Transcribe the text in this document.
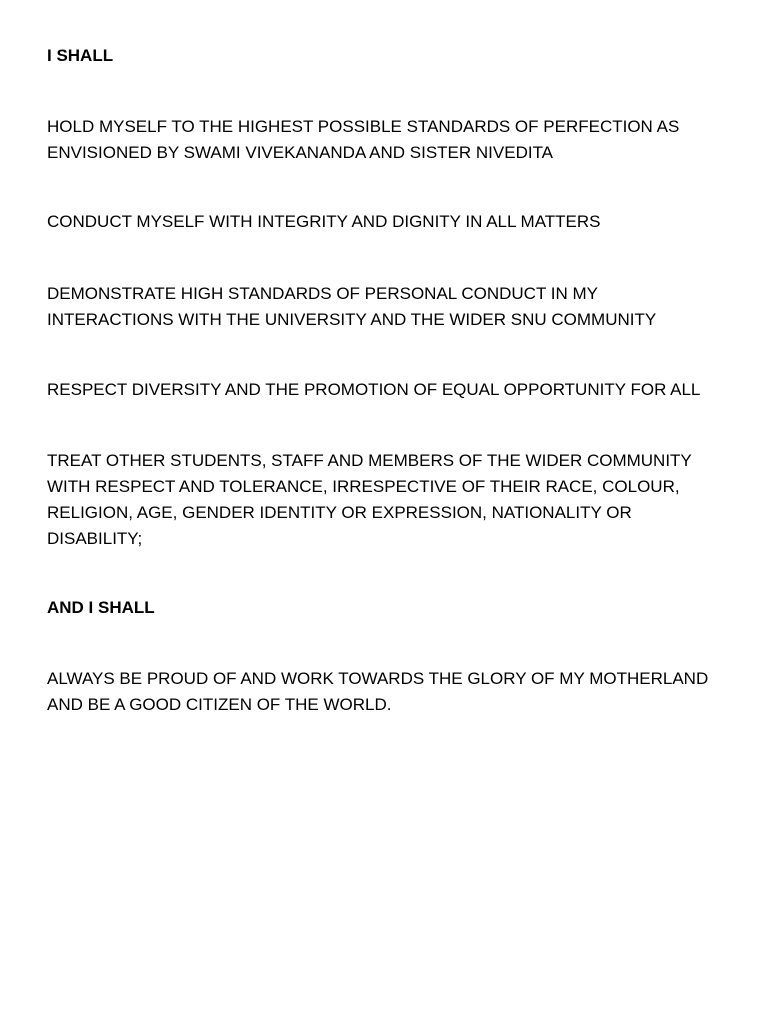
I SHALL

HOLD MYSELF TO THE HIGHEST POSSIBLE STANDARDS OF PERFECTION AS
ENVISIONED BY SWAMI VIVEKANANDA AND SISTER NIVEDITA

CONDUCT MYSELF WITH INTEGRITY AND DIGNITY IN ALL MATTERS

DEMONSTRATE HIGH STANDARDS OF PERSONAL CONDUCT IN MY
INTERACTIONS WITH THE UNIVERSITY AND THE WIDER SNU COMMUNITY

RESPECT DIVERSITY AND THE PROMOTION OF EQUAL OPPORTUNITY FOR ALL

TREAT OTHER STUDENTS, STAFF AND MEMBERS OF THE WIDER COMMUNITY
WITH RESPECT AND TOLERANCE, IRRESPECTIVE OF THEIR RACE, COLOUR,
RELIGION, AGE, GENDER IDENTITY OR EXPRESSION, NATIONALITY OR
DISABILITY;

AND I SHALL

ALWAYS BE PROUD OF AND WORK TOWARDS THE GLORY OF MY MOTHERLAND
AND BE A GOOD CITIZEN OF THE WORLD.
